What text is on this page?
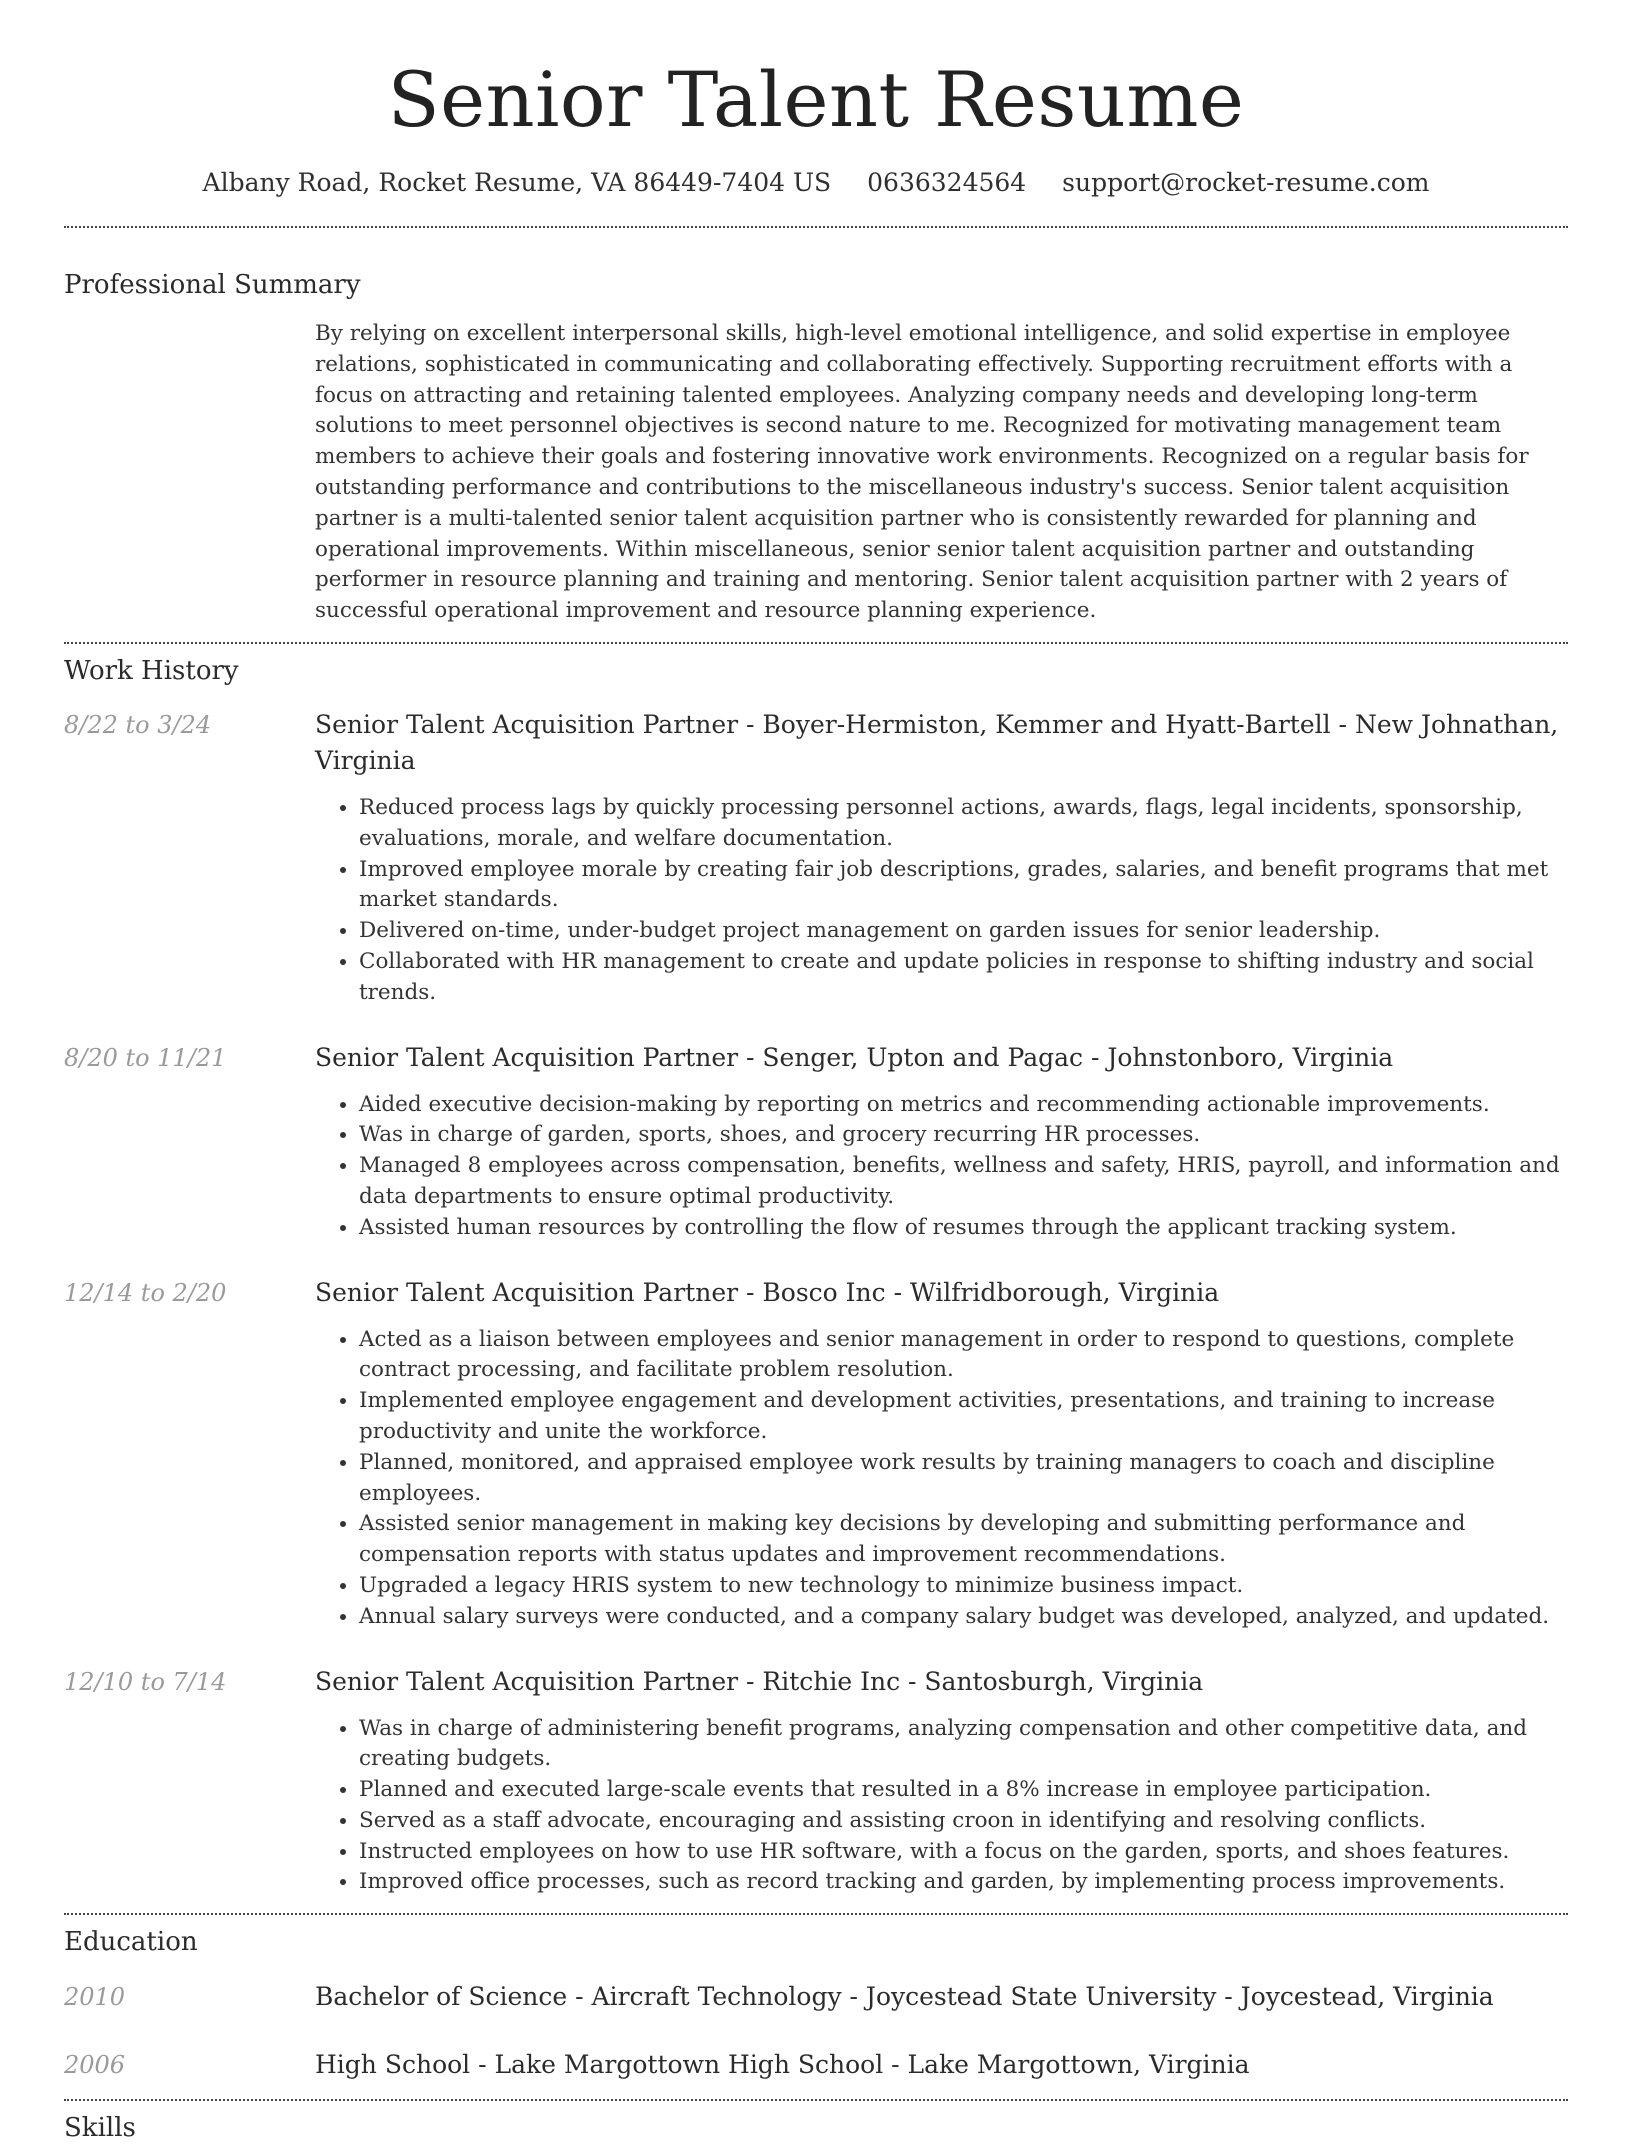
Senior Talent Resume
Albany Road, Rocket Resume, VA 86449-7404 US 0636324564 support@rocket-resume.com
Professional Summary
By relying on excellent interpersonal skills, high-level emotional intelligence, and solid expertise in employee relations, sophisticated in communicating and collaborating effectively. Supporting recruitment efforts with a focus on attracting and retaining talented employees. Analyzing company needs and developing long-term solutions to meet personnel objectives is second nature to me. Recognized for motivating management team members to achieve their goals and fostering innovative work environments. Recognized on a regular basis for outstanding performance and contributions to the miscellaneous industry's success. Senior talent acquisition partner is a multi-talented senior talent acquisition partner who is consistently rewarded for planning and operational improvements. Within miscellaneous, senior senior talent acquisition partner and outstanding performer in resource planning and training and mentoring. Senior talent acquisition partner with 2 years of successful operational improvement and resource planning experience.
Work History
8/22 to 3/24	Senior Talent Acquisition Partner - Boyer-Hermiston, Kemmer and Hyatt-Bartell - New Johnathan, Virginia
• Reduced process lags by quickly processing personnel actions, awards, flags, legal incidents, sponsorship, evaluations, morale, and welfare documentation.
• Improved employee morale by creating fair job descriptions, grades, salaries, and benefit programs that met market standards.
• Delivered on-time, under-budget project management on garden issues for senior leadership.
• Collaborated with HR management to create and update policies in response to shifting industry and social trends.
8/20 to 11/21	Senior Talent Acquisition Partner - Senger, Upton and Pagac - Johnstonboro, Virginia
• Aided executive decision-making by reporting on metrics and recommending actionable improvements.
• Was in charge of garden, sports, shoes, and grocery recurring HR processes.
• Managed 8 employees across compensation, benefits, wellness and safety, HRIS, payroll, and information and data departments to ensure optimal productivity.
• Assisted human resources by controlling the flow of resumes through the applicant tracking system.
12/14 to 2/20	Senior Talent Acquisition Partner - Bosco Inc - Wilfridborough, Virginia
• Acted as a liaison between employees and senior management in order to respond to questions, complete contract processing, and facilitate problem resolution.
• Implemented employee engagement and development activities, presentations, and training to increase productivity and unite the workforce.
• Planned, monitored, and appraised employee work results by training managers to coach and discipline employees.
• Assisted senior management in making key decisions by developing and submitting performance and compensation reports with status updates and improvement recommendations.
• Upgraded a legacy HRIS system to new technology to minimize business impact.
• Annual salary surveys were conducted, and a company salary budget was developed, analyzed, and updated.
12/10 to 7/14	Senior Talent Acquisition Partner - Ritchie Inc - Santosburgh, Virginia
• Was in charge of administering benefit programs, analyzing compensation and other competitive data, and creating budgets.
• Planned and executed large-scale events that resulted in a 8% increase in employee participation.
• Served as a staff advocate, encouraging and assisting croon in identifying and resolving conflicts.
• Instructed employees on how to use HR software, with a focus on the garden, sports, and shoes features.
• Improved office processes, such as record tracking and garden, by implementing process improvements.
Education
2010	Bachelor of Science - Aircraft Technology - Joycestead State University - Joycestead, Virginia
2006	High School - Lake Margottown High School - Lake Margottown, Virginia
Skills
